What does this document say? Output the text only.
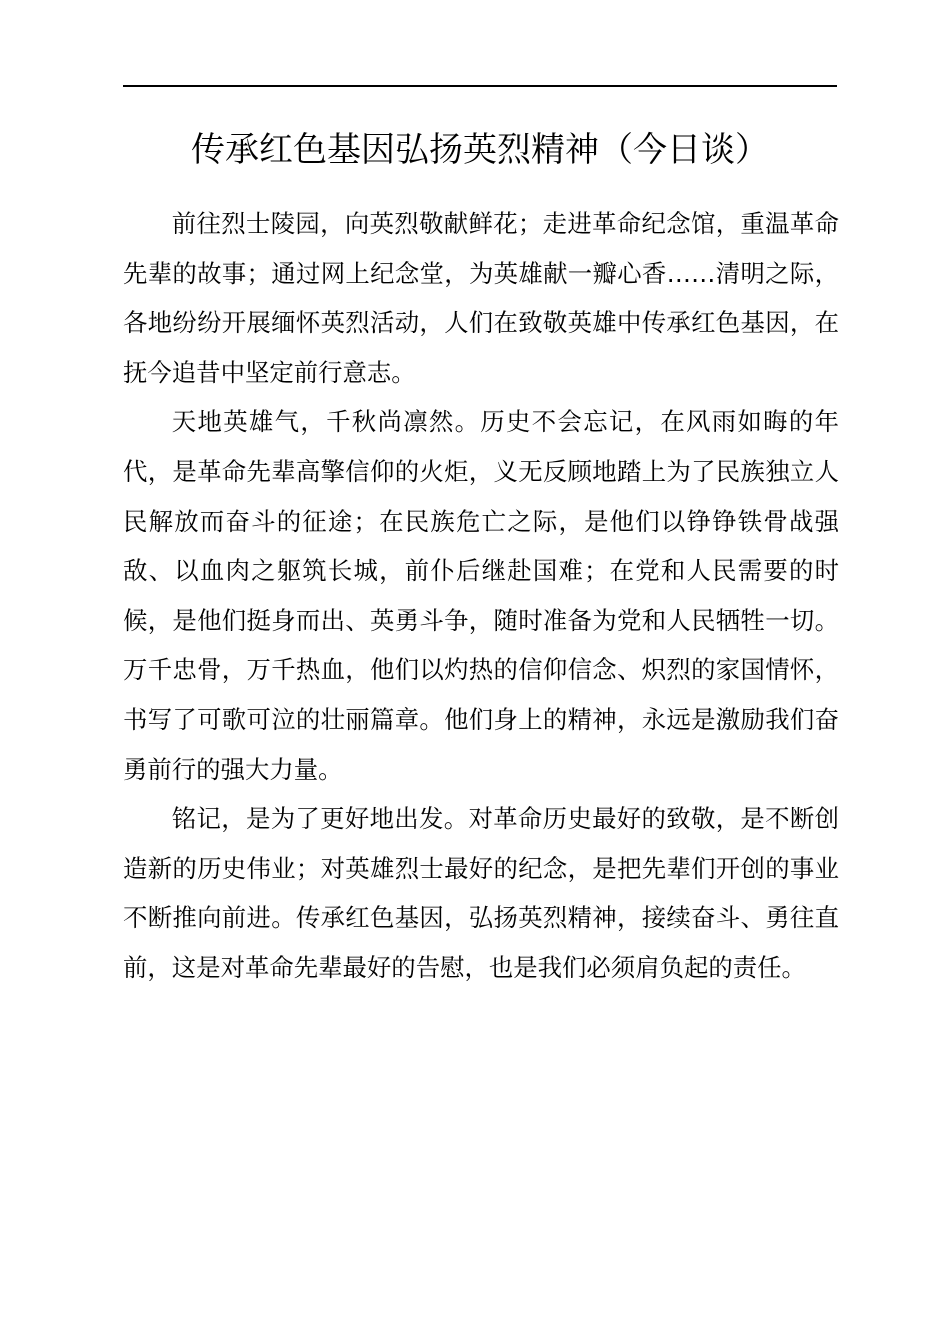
传承红色基因弘扬英烈精神（今日谈）

前往烈士陵园，向英烈敬献鲜花；走进革命纪念馆，重温革命先辈的故事；通过网上纪念堂，为英雄献一瓣心香……清明之际，各地纷纷开展缅怀英烈活动，人们在致敬英雄中传承红色基因，在抚今追昔中坚定前行意志。

天地英雄气，千秋尚凛然。历史不会忘记，在风雨如晦的年代，是革命先辈高擎信仰的火炬，义无反顾地踏上为了民族独立人民解放而奋斗的征途；在民族危亡之际，是他们以铮铮铁骨战强敌、以血肉之躯筑长城，前仆后继赴国难；在党和人民需要的时候，是他们挺身而出、英勇斗争，随时准备为党和人民牺牲一切。万千忠骨，万千热血，他们以灼热的信仰信念、炽烈的家国情怀，书写了可歌可泣的壮丽篇章。他们身上的精神，永远是激励我们奋勇前行的强大力量。

铭记，是为了更好地出发。对革命历史最好的致敬，是不断创造新的历史伟业；对英雄烈士最好的纪念，是把先辈们开创的事业不断推向前进。传承红色基因，弘扬英烈精神，接续奋斗、勇往直前，这是对革命先辈最好的告慰，也是我们必须肩负起的责任。
